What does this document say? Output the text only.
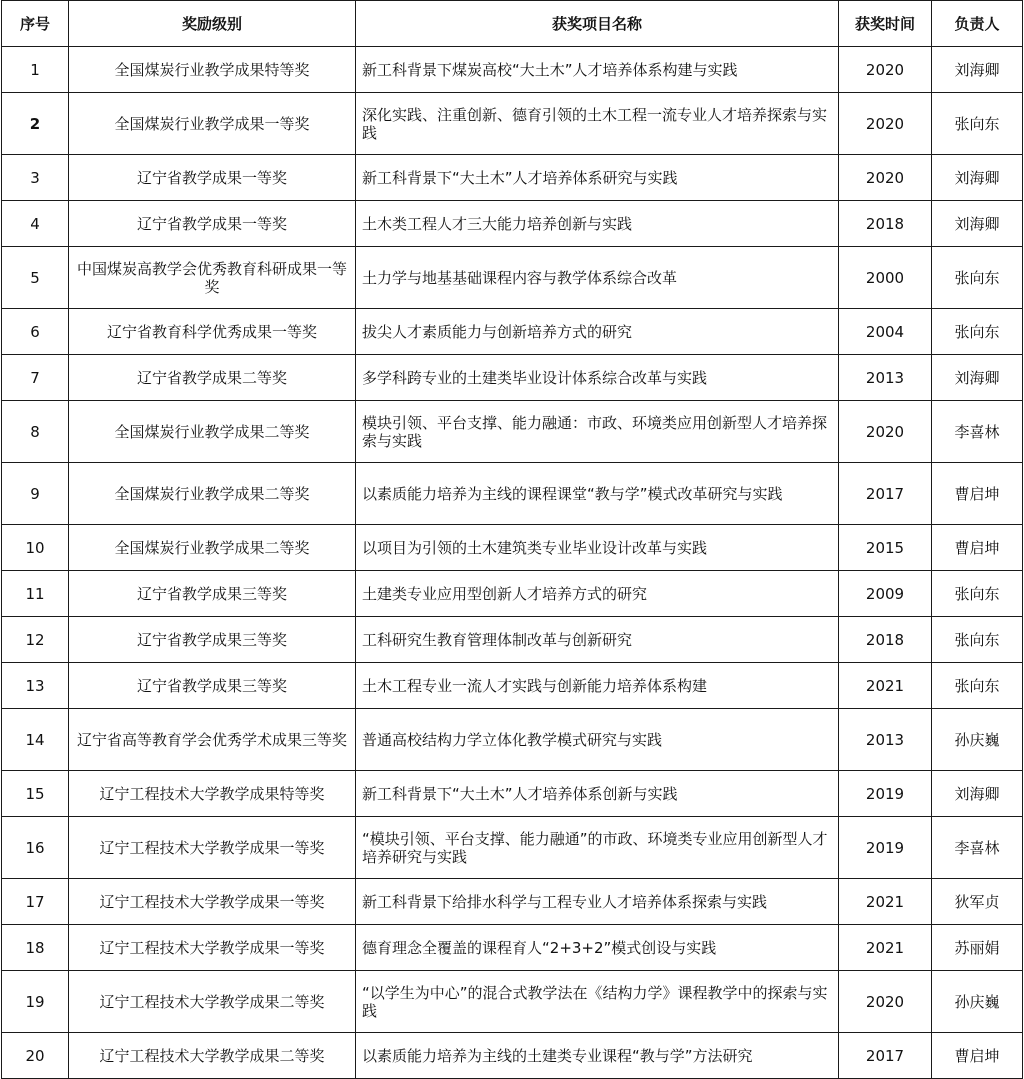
序号	奖励级别	获奖项目名称	获奖时间	负责人
1	全国煤炭行业教学成果特等奖	新工科背景下煤炭高校“大土木”人才培养体系构建与实践	2020	刘海卿
2	全国煤炭行业教学成果一等奖	深化实践、注重创新、德育引领的土木工程一流专业人才培养探索与实践	2020	张向东
3	辽宁省教学成果一等奖	新工科背景下“大土木”人才培养体系研究与实践	2020	刘海卿
4	辽宁省教学成果一等奖	土木类工程人才三大能力培养创新与实践	2018	刘海卿
5	中国煤炭高教学会优秀教育科研成果一等奖	土力学与地基基础课程内容与教学体系综合改革	2000	张向东
6	辽宁省教育科学优秀成果一等奖	拔尖人才素质能力与创新培养方式的研究	2004	张向东
7	辽宁省教学成果二等奖	多学科跨专业的土建类毕业设计体系综合改革与实践	2013	刘海卿
8	全国煤炭行业教学成果二等奖	模块引领、平台支撑、能力融通：市政、环境类应用创新型人才培养探索与实践	2020	李喜林
9	全国煤炭行业教学成果二等奖	以素质能力培养为主线的课程课堂“教与学”模式改革研究与实践	2017	曹启坤
10	全国煤炭行业教学成果二等奖	以项目为引领的土木建筑类专业毕业设计改革与实践	2015	曹启坤
11	辽宁省教学成果三等奖	土建类专业应用型创新人才培养方式的研究	2009	张向东
12	辽宁省教学成果三等奖	工科研究生教育管理体制改革与创新研究	2018	张向东
13	辽宁省教学成果三等奖	土木工程专业一流人才实践与创新能力培养体系构建	2021	张向东
14	辽宁省高等教育学会优秀学术成果三等奖	普通高校结构力学立体化教学模式研究与实践	2013	孙庆巍
15	辽宁工程技术大学教学成果特等奖	新工科背景下“大土木”人才培养体系创新与实践	2019	刘海卿
16	辽宁工程技术大学教学成果一等奖	“模块引领、平台支撑、能力融通”的市政、环境类专业应用创新型人才培养研究与实践	2019	李喜林
17	辽宁工程技术大学教学成果一等奖	新工科背景下给排水科学与工程专业人才培养体系探索与实践	2021	狄军贞
18	辽宁工程技术大学教学成果一等奖	德育理念全覆盖的课程育人“2+3+2”模式创设与实践	2021	苏丽娟
19	辽宁工程技术大学教学成果二等奖	“以学生为中心”的混合式教学法在《结构力学》课程教学中的探索与实践	2020	孙庆巍
20	辽宁工程技术大学教学成果二等奖	以素质能力培养为主线的土建类专业课程“教与学”方法研究	2017	曹启坤
